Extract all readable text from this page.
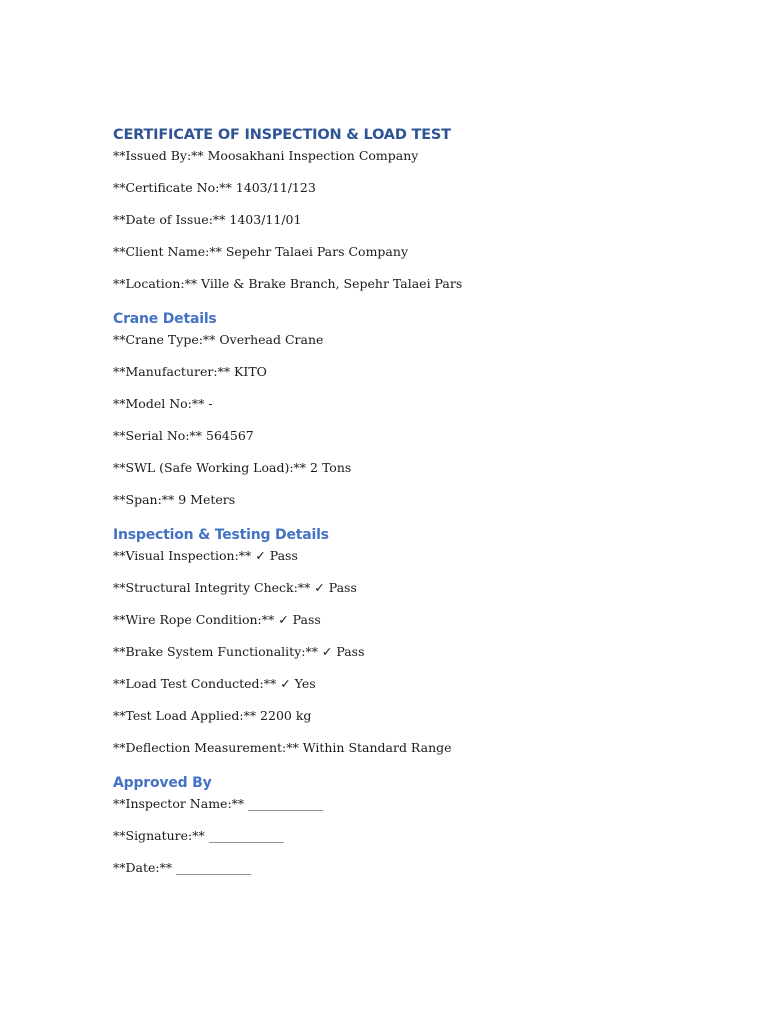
CERTIFICATE OF INSPECTION & LOAD TEST

**Issued By:** Moosakhani Inspection Company

**Certificate No:** 1403/11/123

**Date of Issue:** 1403/11/01

**Client Name:** Sepehr Talaei Pars Company

**Location:** Ville & Brake Branch, Sepehr Talaei Pars

Crane Details

**Crane Type:** Overhead Crane

**Manufacturer:** KITO

**Model No:** -

**Serial No:** 564567

**SWL (Safe Working Load):** 2 Tons

**Span:** 9 Meters

Inspection & Testing Details

**Visual Inspection:** ✓ Pass

**Structural Integrity Check:** ✓ Pass

**Wire Rope Condition:** ✓ Pass

**Brake System Functionality:** ✓ Pass

**Load Test Conducted:** ✓ Yes

**Test Load Applied:** 2200 kg

**Deflection Measurement:** Within Standard Range

Approved By

**Inspector Name:** ____________

**Signature:** ____________

**Date:** ____________
